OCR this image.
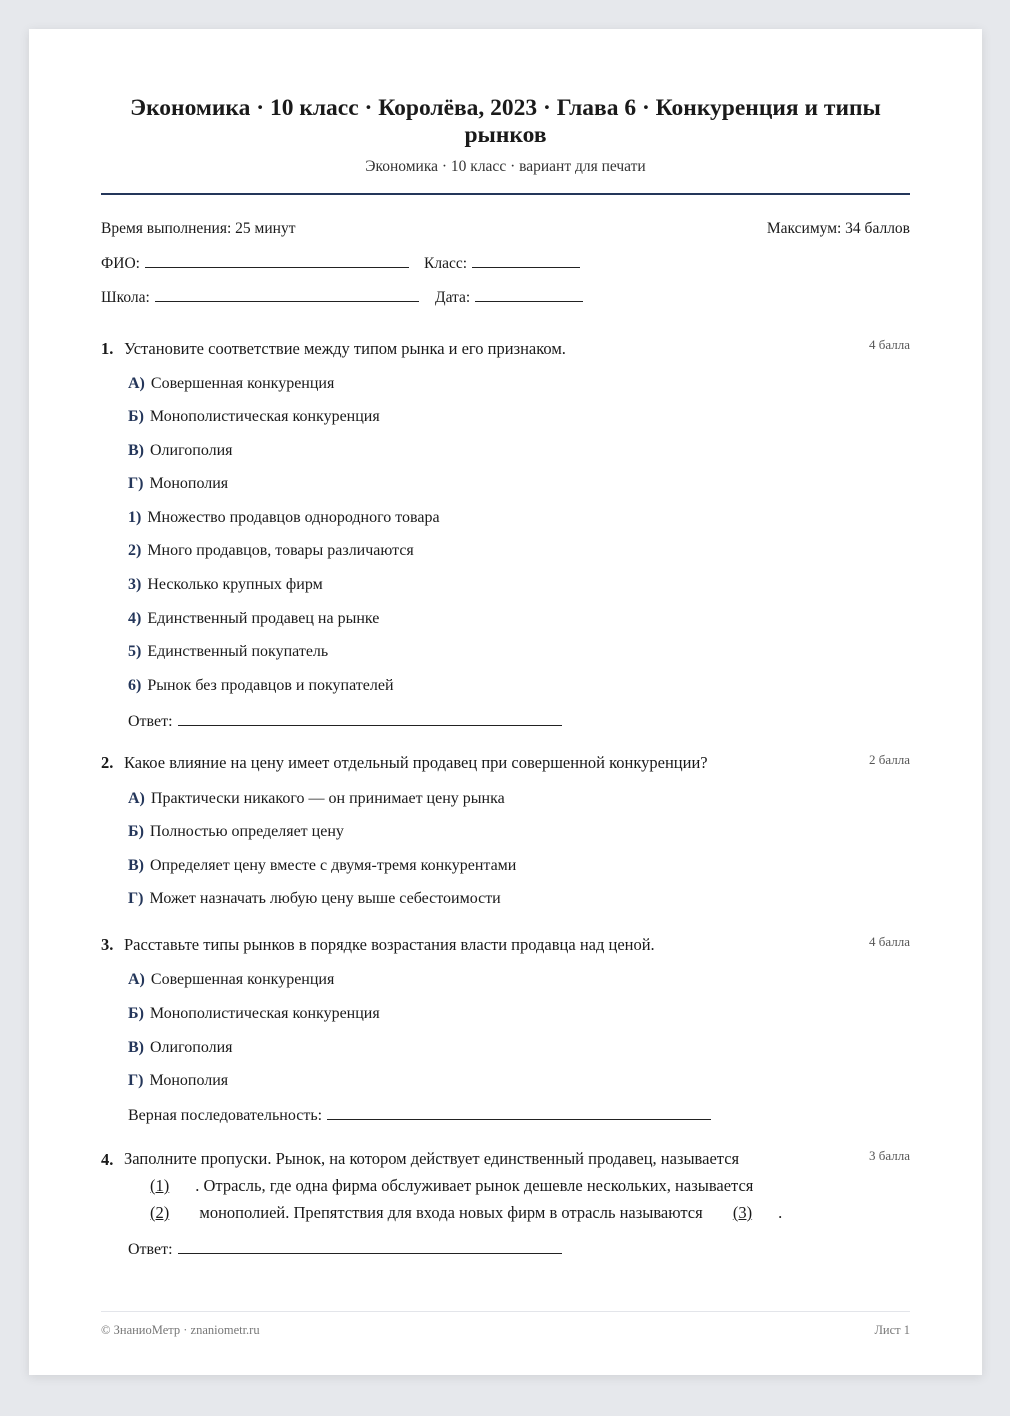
Экономика · 10 класс · Королёва, 2023 · Глава 6 · Конкуренция и типы рынков
Экономика · 10 класс · вариант для печати
Время выполнения: 25 минут	Максимум: 34 баллов
ФИО:	Класс:
Школа:	Дата:
1. Установите соответствие между типом рынка и его признаком.	4 балла
А) Совершенная конкуренция
Б) Монополистическая конкуренция
В) Олигополия
Г) Монополия
1) Множество продавцов однородного товара
2) Много продавцов, товары различаются
3) Несколько крупных фирм
4) Единственный продавец на рынке
5) Единственный покупатель
6) Рынок без продавцов и покупателей
Ответ:
2. Какое влияние на цену имеет отдельный продавец при совершенной конкуренции?	2 балла
А) Практически никакого — он принимает цену рынка
Б) Полностью определяет цену
В) Определяет цену вместе с двумя-тремя конкурентами
Г) Может назначать любую цену выше себестоимости
3. Расставьте типы рынков в порядке возрастания власти продавца над ценой.	4 балла
А) Совершенная конкуренция
Б) Монополистическая конкуренция
В) Олигополия
Г) Монополия
Верная последовательность:
4.	3 балла
Заполните пропуски. Рынок, на котором действует единственный продавец, называется
(1) . Отрасль, где одна фирма обслуживает рынок дешевле нескольких, называется
(2) монополией. Препятствия для входа новых фирм в отрасль называются (3) .
Ответ:
© ЗнаниоМетр · znaniometr.ru	Лист 1
